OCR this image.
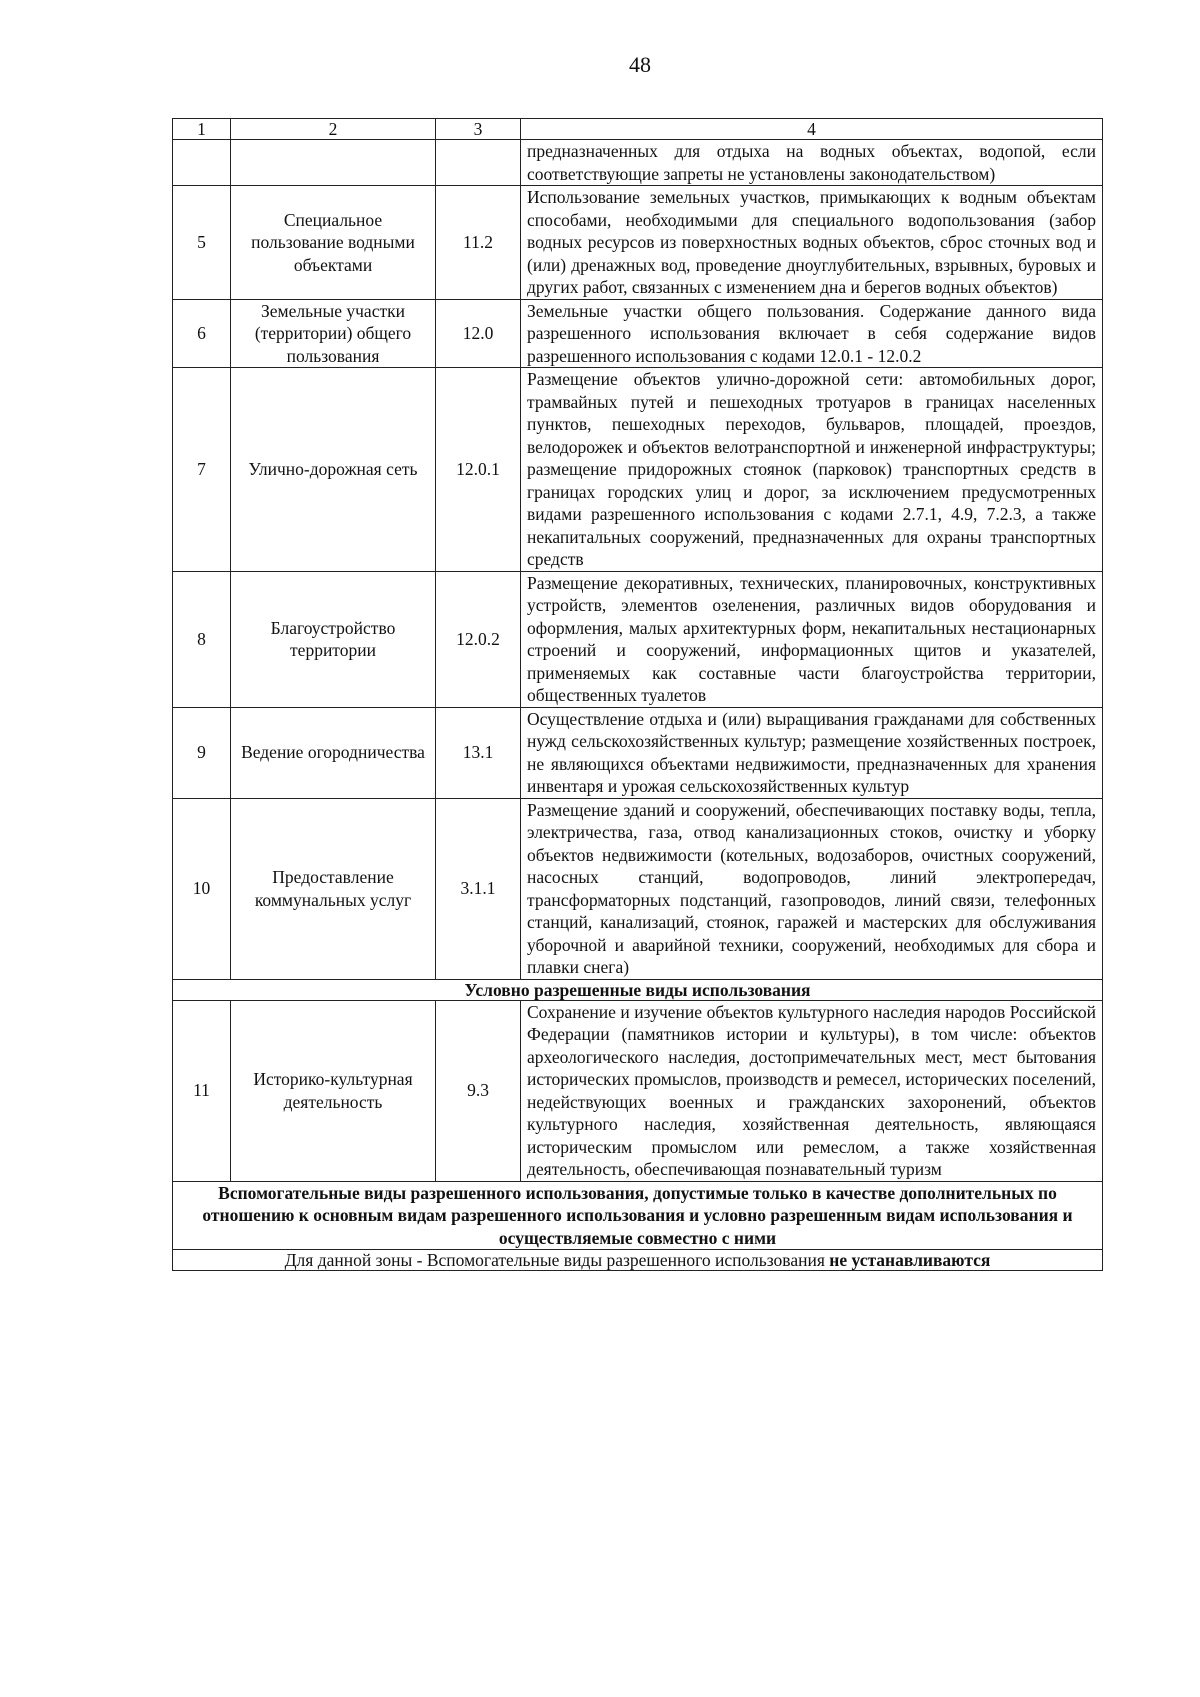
48
1	2	3	4
			предназначенных для отдыха на водных объектах, водопой, если соответствующие запреты не установлены законодательством)
5	Специальное пользование водными объектами	11.2	Использование земельных участков, примыкающих к водным объектам способами, необходимыми для специального водопользования (забор водных ресурсов из поверхностных водных объектов, сброс сточных вод и (или) дренажных вод, проведение дноуглубительных, взрывных, буровых и других работ, связанных с изменением дна и берегов водных объектов)
6	Земельные участки (территории) общего пользования	12.0	Земельные участки общего пользования. Содержание данного вида разрешенного использования включает в себя содержание видов разрешенного использования с кодами 12.0.1 - 12.0.2
7	Улично-дорожная сеть	12.0.1	Размещение объектов улично-дорожной сети: автомобильных дорог, трамвайных путей и пешеходных тротуаров в границах населенных пунктов, пешеходных переходов, бульваров, площадей, проездов, велодорожек и объектов велотранспортной и инженерной инфраструктуры; размещение придорожных стоянок (парковок) транспортных средств в границах городских улиц и дорог, за исключением предусмотренных видами разрешенного использования с кодами 2.7.1, 4.9, 7.2.3, а также некапитальных сооружений, предназначенных для охраны транспортных средств
8	Благоустройство территории	12.0.2	Размещение декоративных, технических, планировочных, конструктивных устройств, элементов озеленения, различных видов оборудования и оформления, малых архитектурных форм, некапитальных нестационарных строений и сооружений, информационных щитов и указателей, применяемых как составные части благоустройства территории, общественных туалетов
9	Ведение огородничества	13.1	Осуществление отдыха и (или) выращивания гражданами для собственных нужд сельскохозяйственных культур; размещение хозяйственных построек, не являющихся объектами недвижимости, предназначенных для хранения инвентаря и урожая сельскохозяйственных культур
10	Предоставление коммунальных услуг	3.1.1	Размещение зданий и сооружений, обеспечивающих поставку воды, тепла, электричества, газа, отвод канализационных стоков, очистку и уборку объектов недвижимости (котельных, водозаборов, очистных сооружений, насосных станций, водопроводов, линий электропередач, трансформаторных подстанций, газопроводов, линий связи, телефонных станций, канализаций, стоянок, гаражей и мастерских для обслуживания уборочной и аварийной техники, сооружений, необходимых для сбора и плавки снега)
Условно разрешенные виды использования			
11	Историко-культурная деятельность	9.3	Сохранение и изучение объектов культурного наследия народов Российской Федерации (памятников истории и культуры), в том числе: объектов археологического наследия, достопримечательных мест, мест бытования исторических промыслов, производств и ремесел, исторических поселений, недействующих военных и гражданских захоронений, объектов культурного наследия, хозяйственная деятельность, являющаяся историческим промыслом или ремеслом, а также хозяйственная деятельность, обеспечивающая познавательный туризм
Вспомогательные виды разрешенного использования, допустимые только в качестве дополнительных по отношению к основным видам разрешенного использования и условно разрешенным видам использования и осуществляемые совместно с ними			
Для данной зоны - Вспомогательные виды разрешенного использования не устанавливаются			
